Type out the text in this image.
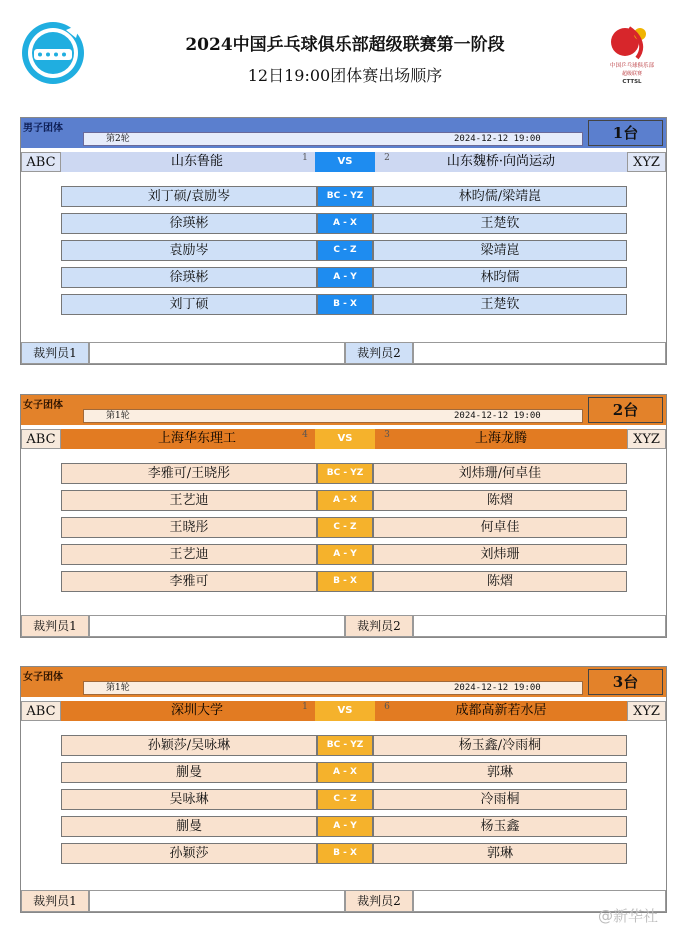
2024中国乒乓球俱乐部超级联赛第一阶段
12日19:00团体赛出场顺序	中国乒乓球俱乐部
超级联赛
CTTSL
男子团体
第2轮	2024-12-12 19:00	1台
ABC	山东鲁能	1	VS	山东魏桥·向尚运动
2	XYZ
刘丁硕/袁励岑	BC - YZ	林昀儒/梁靖崑
徐瑛彬	A - X	王楚钦
袁励岑	C - Z	梁靖崑
徐瑛彬	A - Y	林昀儒
刘丁硕	B - X	王楚钦
裁判员1	裁判员2
女子团体
第1轮	2024-12-12 19:00	2台
ABC	上海华东理工	4	VS	上海龙腾
3	XYZ
李雅可/王晓彤	BC - YZ	刘炜珊/何卓佳
王艺迪	A - X	陈熠
王晓彤	C - Z	何卓佳
王艺迪	A - Y	刘炜珊
李雅可	B - X	陈熠
裁判员1	裁判员2
女子团体
第1轮	2024-12-12 19:00	3台
ABC	深圳大学	1	VS	成都高新若水居
6	XYZ
孙颖莎/吴咏琳	BC - YZ	杨玉鑫/冷雨桐
蒯曼	A - X	郭琳
吴咏琳	C - Z	冷雨桐
蒯曼	A - Y	杨玉鑫
孙颖莎	B - X	郭琳
裁判员1	裁判员2
@新华社
